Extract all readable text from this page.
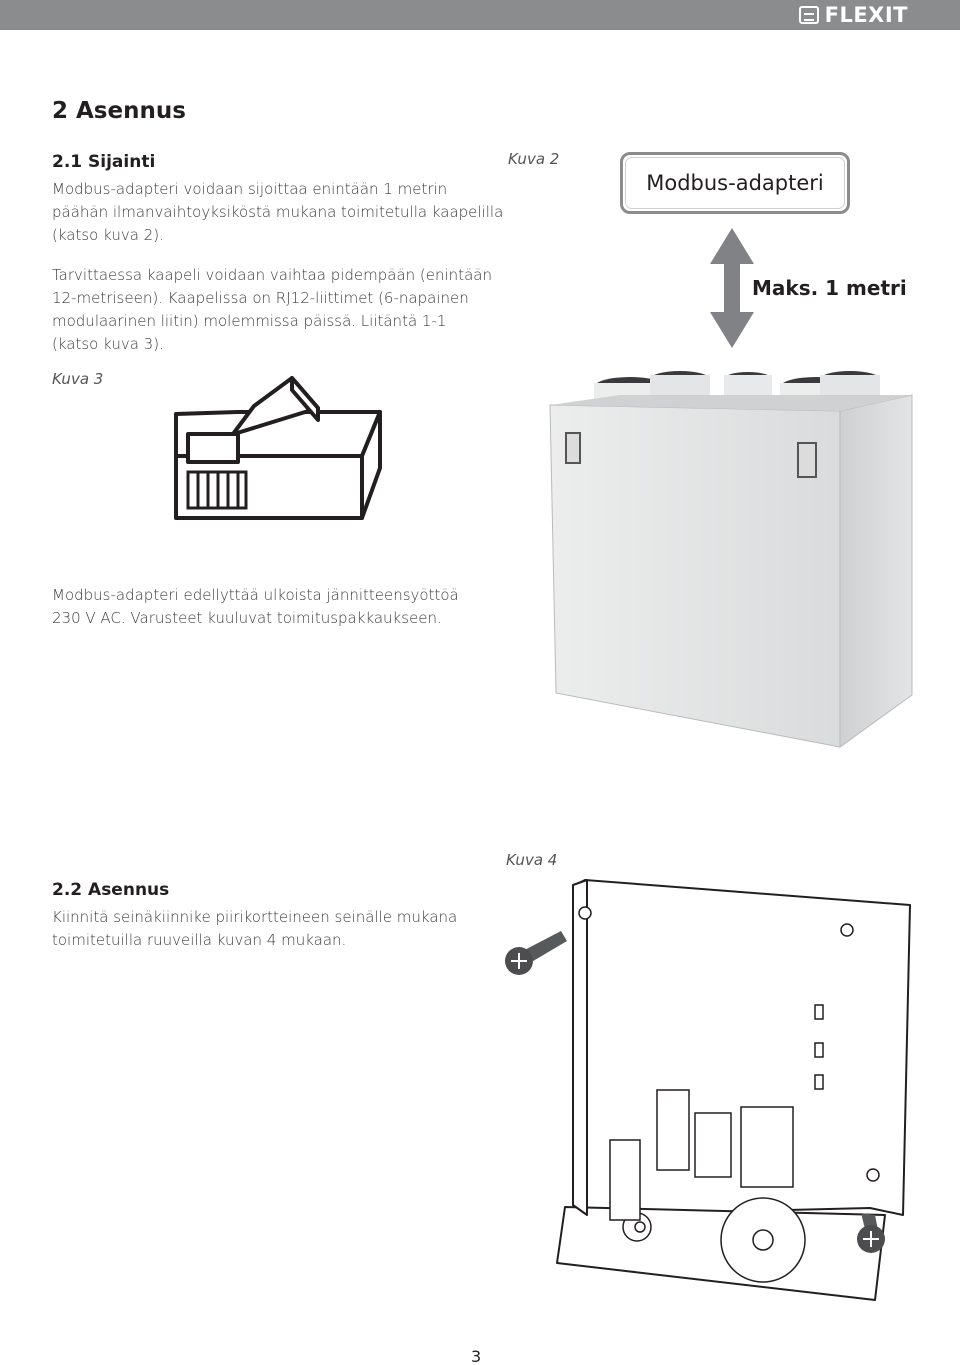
FLEXIT
2 Asennus
2.1 Sijainti
Modbus-adapteri voidaan sijoittaa enintään 1 metrin
päähän ilmanvaihtoyksiköstä mukana toimitetulla kaapelilla
(katso kuva 2).
Tarvittaessa kaapeli voidaan vaihtaa pidempään (enintään
12-metriseen). Kaapelissa on RJ12-liittimet (6-napainen
modulaarinen liitin) molemmissa päissä. Liitäntä 1-1
(katso kuva 3).
Kuva 2
Modbus-adapteri
Maks. 1 metri
Kuva 3
Modbus-adapteri edellyttää ulkoista jännitteensyöttöä
230 V AC. Varusteet kuuluvat toimituspakkaukseen.
2.2 Asennus
Kiinnitä seinäkiinnike piirikortteineen seinälle mukana
toimitetuilla ruuveilla kuvan 4 mukaan.
Kuva 4
3
